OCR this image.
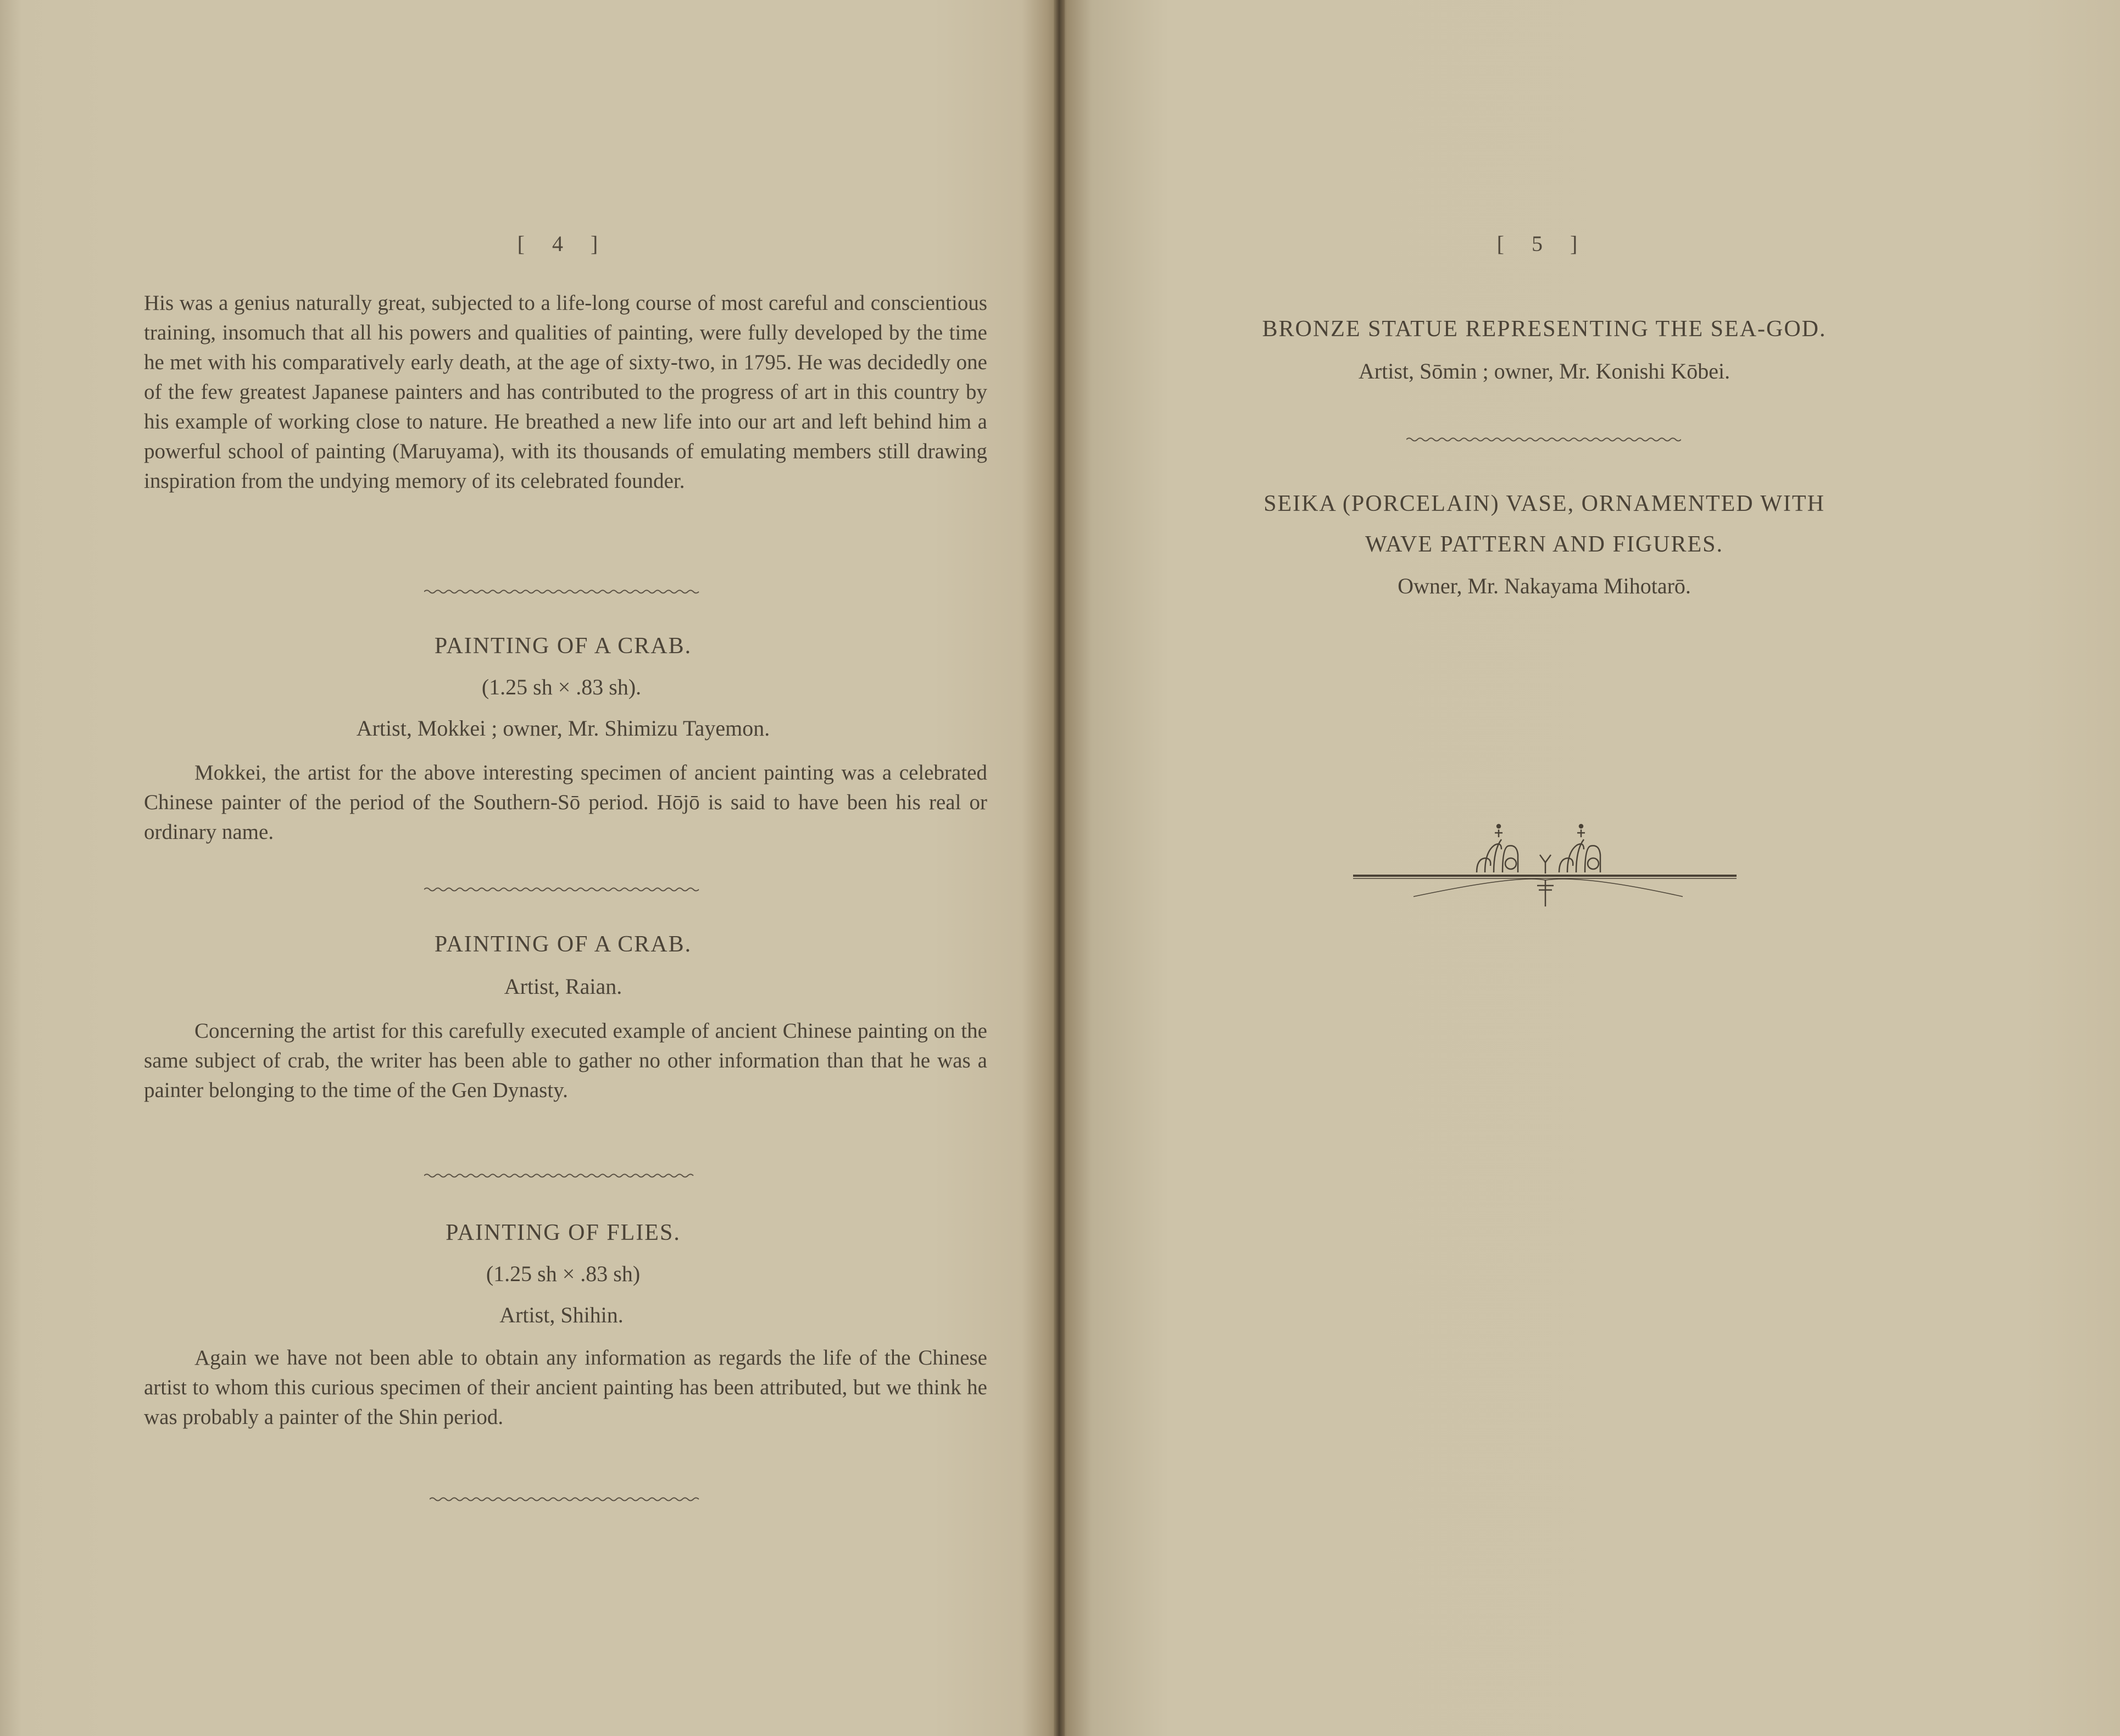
[ 4 ]
His was a genius naturally great, subjected to a life-long course of most careful and conscientious training, insomuch that all his powers and qualities of painting, were fully developed by the time he met with his comparatively early death, at the age of sixty-two, in 1795. He was decidedly one of the few greatest Japanese painters and has contributed to the progress of art in this country by his example of working close to nature. He breathed a new life into our art and left behind him a powerful school of painting (Maruyama), with its thousands of emulating members still drawing inspiration from the undying memory of its celebrated founder.
PAINTING OF A CRAB.
(1.25 sh × .83 sh).
Artist, Mokkei ; owner, Mr. Shimizu Tayemon.
Mokkei, the artist for the above interesting specimen of ancient painting was a celebrated Chinese painter of the period of the Southern-Sō period. Hōjō is said to have been his real or ordinary name.
PAINTING OF A CRAB.
Artist, Raian.
Concerning the artist for this carefully executed example of ancient Chinese painting on the same subject of crab, the writer has been able to gather no other information than that he was a painter belonging to the time of the Gen Dynasty.
PAINTING OF FLIES.
(1.25 sh × .83 sh)
Artist, Shihin.
Again we have not been able to obtain any information as regards the life of the Chinese artist to whom this curious specimen of their ancient painting has been attributed, but we think he was probably a painter of the Shin period.
[ 5 ]
BRONZE STATUE REPRESENTING THE SEA-GOD.
Artist, Sōmin ; owner, Mr. Konishi Kōbei.
SEIKA (PORCELAIN) VASE, ORNAMENTED WITH
WAVE PATTERN AND FIGURES.
Owner, Mr. Nakayama Mihotarō.
